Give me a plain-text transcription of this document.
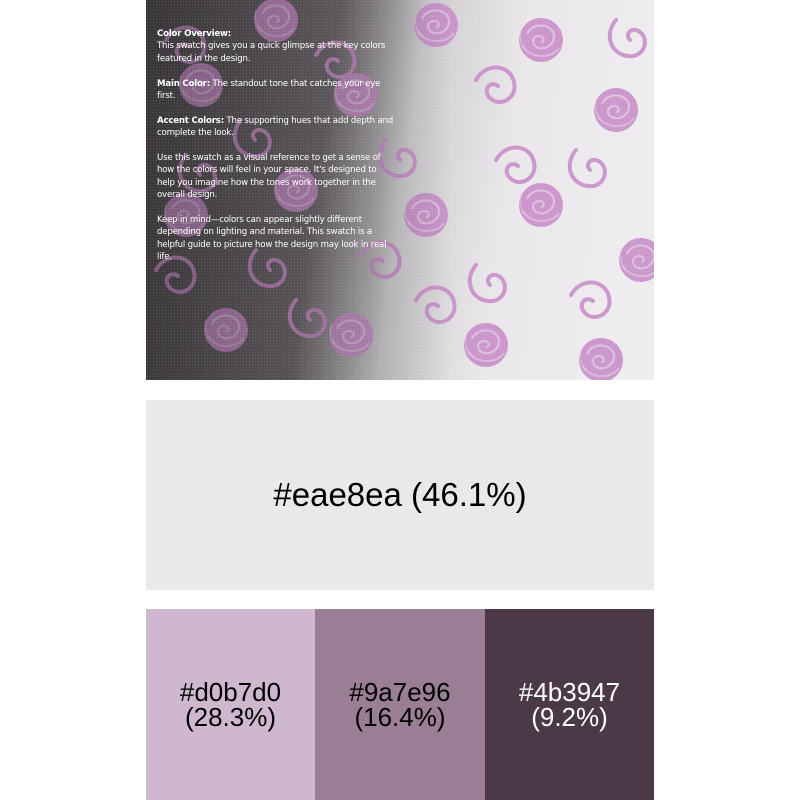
Color Overview:
This swatch gives you a quick glimpse at the key colors featured in the design.

Main Color: The standout tone that catches your eye first.

Accent Colors: The supporting hues that add depth and complete the look.

Use this swatch as a visual reference to get a sense of how the colors will feel in your space. It's designed to help you imagine how the tones work together in the overall design.

Keep in mind—colors can appear slightly different depending on lighting and material. This swatch is a helpful guide to picture how the design may look in real life.

#eae8ea (46.1%)
#d0b7d0
(28.3%)
#9a7e96
(16.4%)
#4b3947
(9.2%)
